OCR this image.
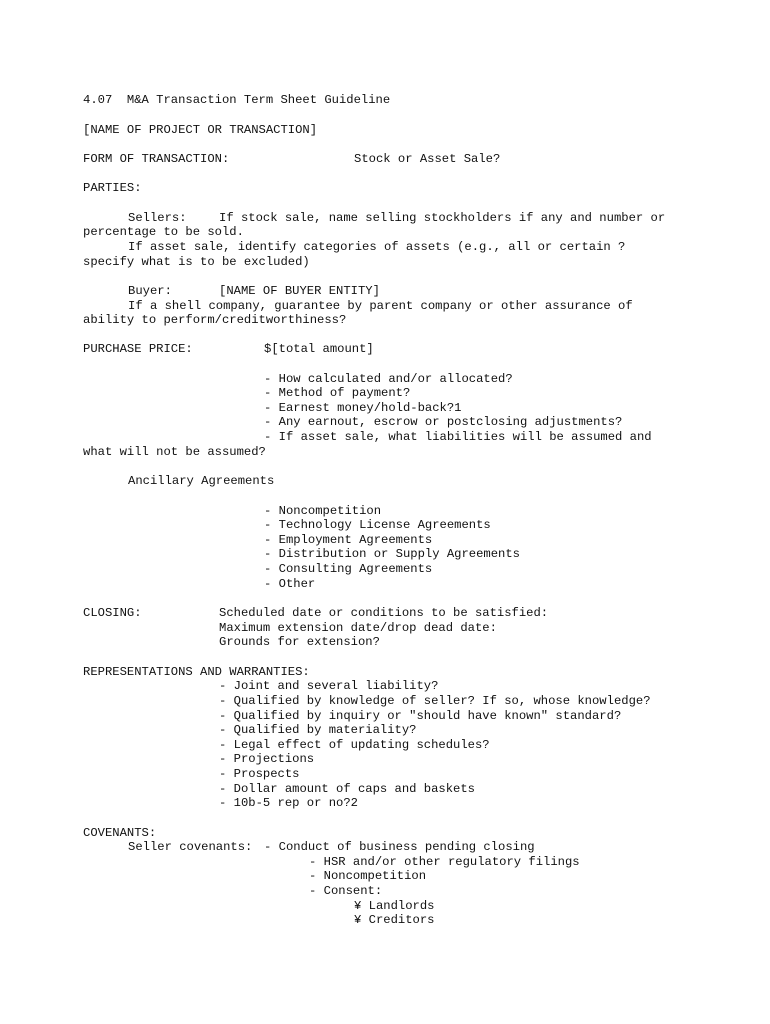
4.07  M&A Transaction Term Sheet Guideline
[NAME OF PROJECT OR TRANSACTION]
FORM OF TRANSACTION:	Stock or Asset Sale?
PARTIES:
Sellers:	If stock sale, name selling stockholders if any and number or
percentage to be sold.
If asset sale, identify categories of assets (e.g., all or certain ?
specify what is to be excluded)
Buyer:	[NAME OF BUYER ENTITY]
If a shell company, guarantee by parent company or other assurance of
ability to perform/creditworthiness?
PURCHASE PRICE:	$[total amount]
- How calculated and/or allocated?
- Method of payment?
- Earnest money/hold-back?1
- Any earnout, escrow or postclosing adjustments?
- If asset sale, what liabilities will be assumed and
what will not be assumed?
Ancillary Agreements
- Noncompetition
- Technology License Agreements
- Employment Agreements
- Distribution or Supply Agreements
- Consulting Agreements
- Other
CLOSING:	Scheduled date or conditions to be satisfied:
Maximum extension date/drop dead date:
Grounds for extension?
REPRESENTATIONS AND WARRANTIES:
- Joint and several liability?
- Qualified by knowledge of seller? If so, whose knowledge?
- Qualified by inquiry or "should have known" standard?
- Qualified by materiality?
- Legal effect of updating schedules?
- Projections
- Prospects
- Dollar amount of caps and baskets
- 10b-5 rep or no?2
COVENANTS:
Seller covenants: - Conduct of business pending closing
- HSR and/or other regulatory filings
- Noncompetition
- Consent:
¥ Landlords
¥ Creditors
